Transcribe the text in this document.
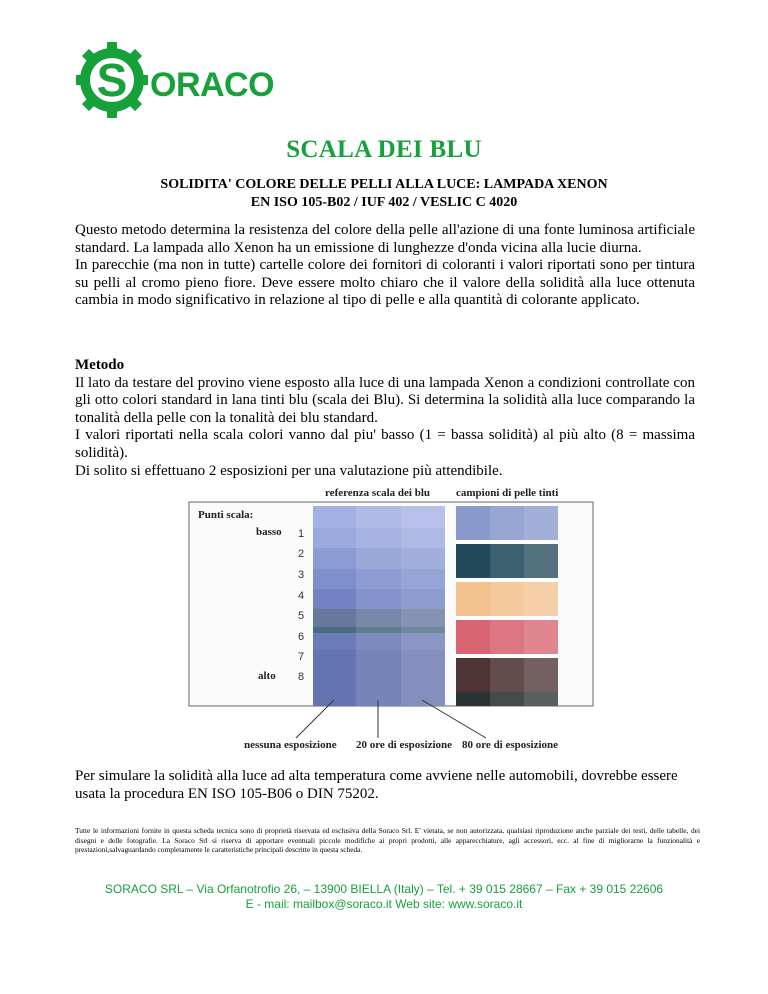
S ORACO
SCALA DEI BLU
SOLIDITA' COLORE DELLE PELLI ALLA LUCE: LAMPADA XENON
EN ISO 105-B02 / IUF 402 / VESLIC C 4020

Questo metodo determina la resistenza del colore della pelle all'azione di una fonte luminosa artificiale standard. La lampada allo Xenon ha un emissione di lunghezze d'onda vicina alla lucie diurna.

In parecchie (ma non in tutte) cartelle colore dei fornitori di coloranti i valori riportati sono per tintura su pelli al cromo pieno fiore. Deve essere molto chiaro che il valore della solidità alla luce ottenuta cambia in modo significativo in relazione al tipo di pelle e alla quantità di colorante applicato.

Metodo

Il lato da testare del provino viene esposto alla luce di una lampada Xenon a condizioni controllate con gli otto colori standard in lana tinti blu (scala dei Blu). Si determina la solidità alla luce comparando la tonalità della pelle con la tonalità dei blu standard.

I valori riportati nella scala colori vanno dal piu' basso (1 = bassa solidità) al più alto (8 = massima solidità).

Di solito si effettuano 2 esposizioni per una valutazione più attendibile.

referenza scala dei blu campioni di pelle tinti
Punti scala:
basso
alto
1
2
3
4
5
6
7
8
nessuna esposizione 20 ore di esposizione 80 ore di esposizione
Per simulare la solidità alla luce ad alta temperatura come avviene nelle automobili, dovrebbe essere usata la procedura EN ISO 105-B06 o DIN 75202.
Tutte le informazioni fornite in questa scheda tecnica sono di proprietà riservata ed esclusiva della Soraco Srl. E' vietata, se non autorizzata, qualsiasi riproduzione anche parziale dei testi, delle tabelle, dei disegni e delle fotografie. La Soraco Srl si riserva di apportare eventuali piccole modifiche ai propri prodotti, alle apparecchiature, agli accessori, ecc. al fine di migliorarne la funzionalità e prestazioni,salvaguardando completamente le caratteristiche principali descritte in questa scheda.
SORACO SRL – Via Orfanotrofio 26, – 13900 BIELLA (Italy) – Tel. + 39 015 28667 – Fax + 39 015 22606
E - mail: mailbox@soraco.it Web site: www.soraco.it
